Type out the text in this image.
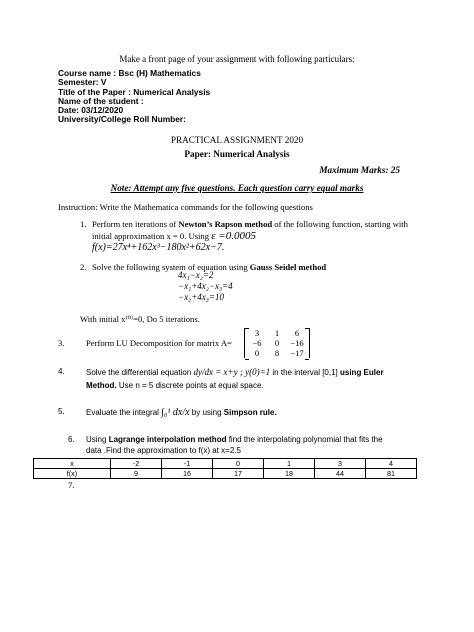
Make a front page of your assignment with following particulars:
Course name : Bsc (H) Mathematics
Semester: V
Title of the Paper : Numerical Analysis
Name of the student :
Date: 03/12/2020
University/College Roll Number:
PRACTICAL ASSIGNMENT 2020
Paper: Numerical Analysis
Maximum Marks: 25
Note: Attempt any five questions. Each question carry equal marks
Instruction: Write the Mathematica commands for the following questions
1. Perform ten iterations of Newton’s Rapson method of the following function, starting with
initial approximation x = 0. Using ε =0.0005
f(x)=27x⁴+162x³−180x²+62x−7.
2. Solve the following system of equation using Gauss Seidel method
4x₁−x₂=2
−x₁+4x₂−x₃=4
−x₂+4x₃=10
With initial x⁽⁰⁾=0, Do 5 iterations.
3.	Perform LU Decomposition for matrix A=
3	1	6
−6	0	−16
0	8	−17
4.	Solve the differential equation dy/dx = x+y ; y(0)=1 in the interval [0,1] using Euler
Method. Use n = 5 discrete points at equal space.
5.	Evaluate the integral ∫₀¹ dx/x by using Simpson rule.
6. Using Lagrange interpolation method find the interpolating polynomial that fits the
data .Find the approximation to f(x) at x=2.5
x	-2	-1	0	1	3	4
f(x)	9	16	17	18	44	81
7.
